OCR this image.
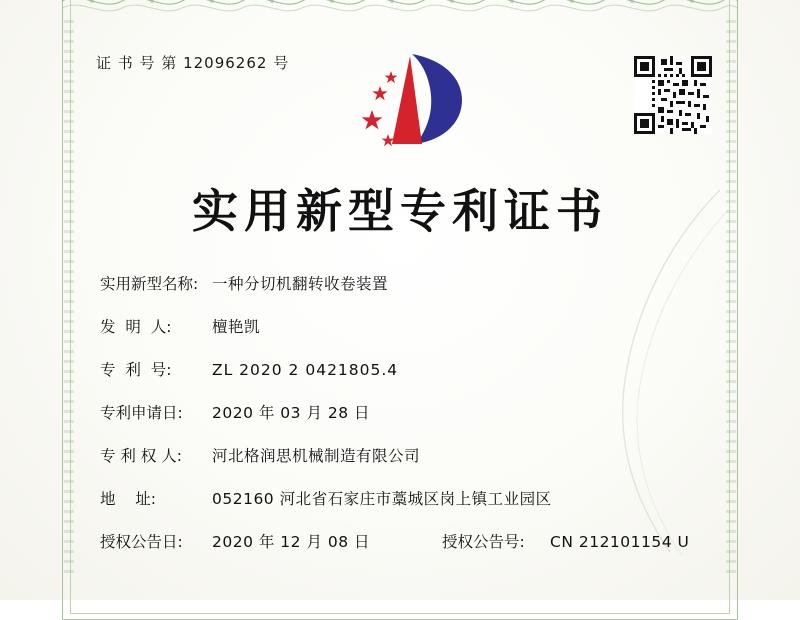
证 书 号 第 12096262 号
实用新型专利证书
实用新型名称: 一种分切机翻转收卷装置
发  明  人:	檀艳凯
专  利  号:	ZL 2020 2 0421805.4
专利申请日:	2020 年 03 月 28 日
专 利 权 人:	河北格润思机械制造有限公司
地    址:	052160 河北省石家庄市藁城区岗上镇工业园区
授权公告日:	2020 年 12 月 08 日	授权公告号:	CN 212101154 U
